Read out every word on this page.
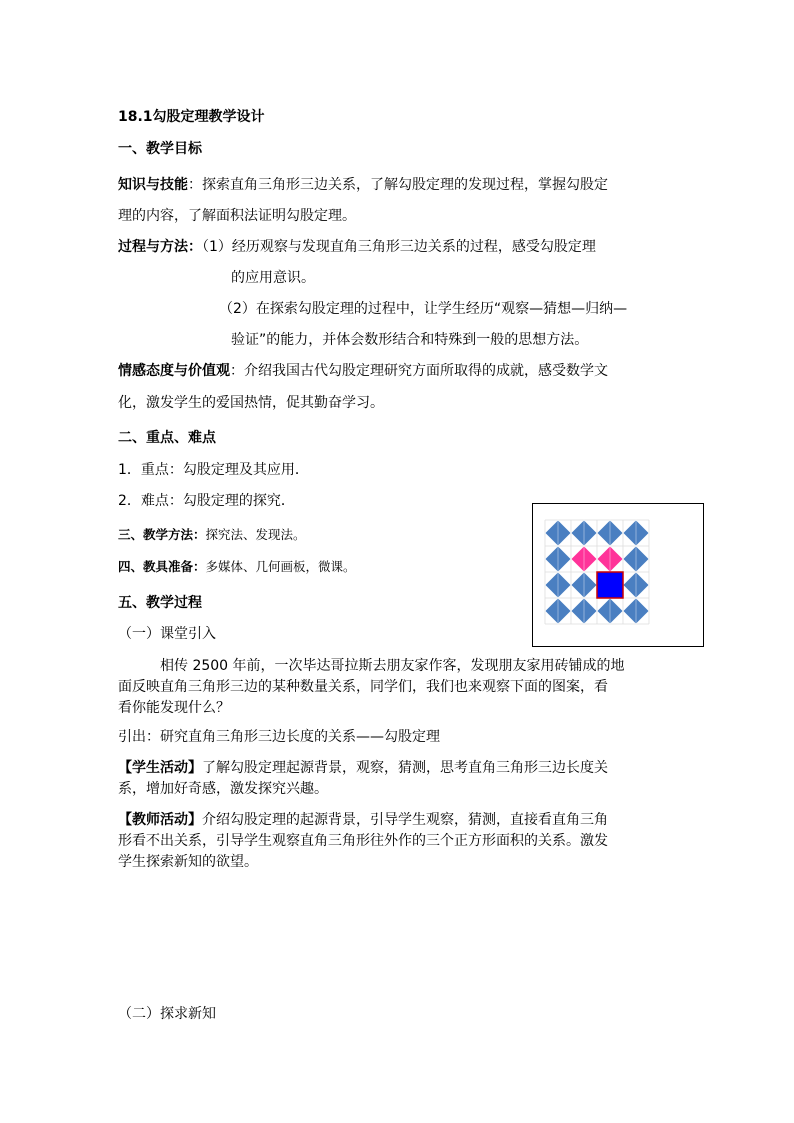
18.1勾股定理教学设计
一、教学目标
知识与技能：探索直角三角形三边关系，了解勾股定理的发现过程，掌握勾股定
理的内容，了解面积法证明勾股定理。
过程与方法：（1）经历观察与发现直角三角形三边关系的过程，感受勾股定理
的应用意识。
（2）在探索勾股定理的过程中，让学生经历“观察—猜想—归纳—
验证”的能力，并体会数形结合和特殊到一般的思想方法。
情感态度与价值观：介绍我国古代勾股定理研究方面所取得的成就，感受数学文
化，激发学生的爱国热情，促其勤奋学习。
二、重点、难点
1．重点：勾股定理及其应用．
2．难点：勾股定理的探究．
三、教学方法：探究法、发现法。
四、教具准备：多媒体、几何画板，微课。
五、教学过程
（一）课堂引入
相传 2500 年前，一次毕达哥拉斯去朋友家作客，发现朋友家用砖铺成的地
面反映直角三角形三边的某种数量关系，同学们，我们也来观察下面的图案，看
看你能发现什么？
引出：研究直角三角形三边长度的关系——勾股定理
【学生活动】了解勾股定理起源背景，观察，猜测，思考直角三角形三边长度关
系，增加好奇感，激发探究兴趣。
【教师活动】介绍勾股定理的起源背景，引导学生观察，猜测，直接看直角三角
形看不出关系，引导学生观察直角三角形往外作的三个正方形面积的关系。激发
学生探索新知的欲望。
（二）探求新知
